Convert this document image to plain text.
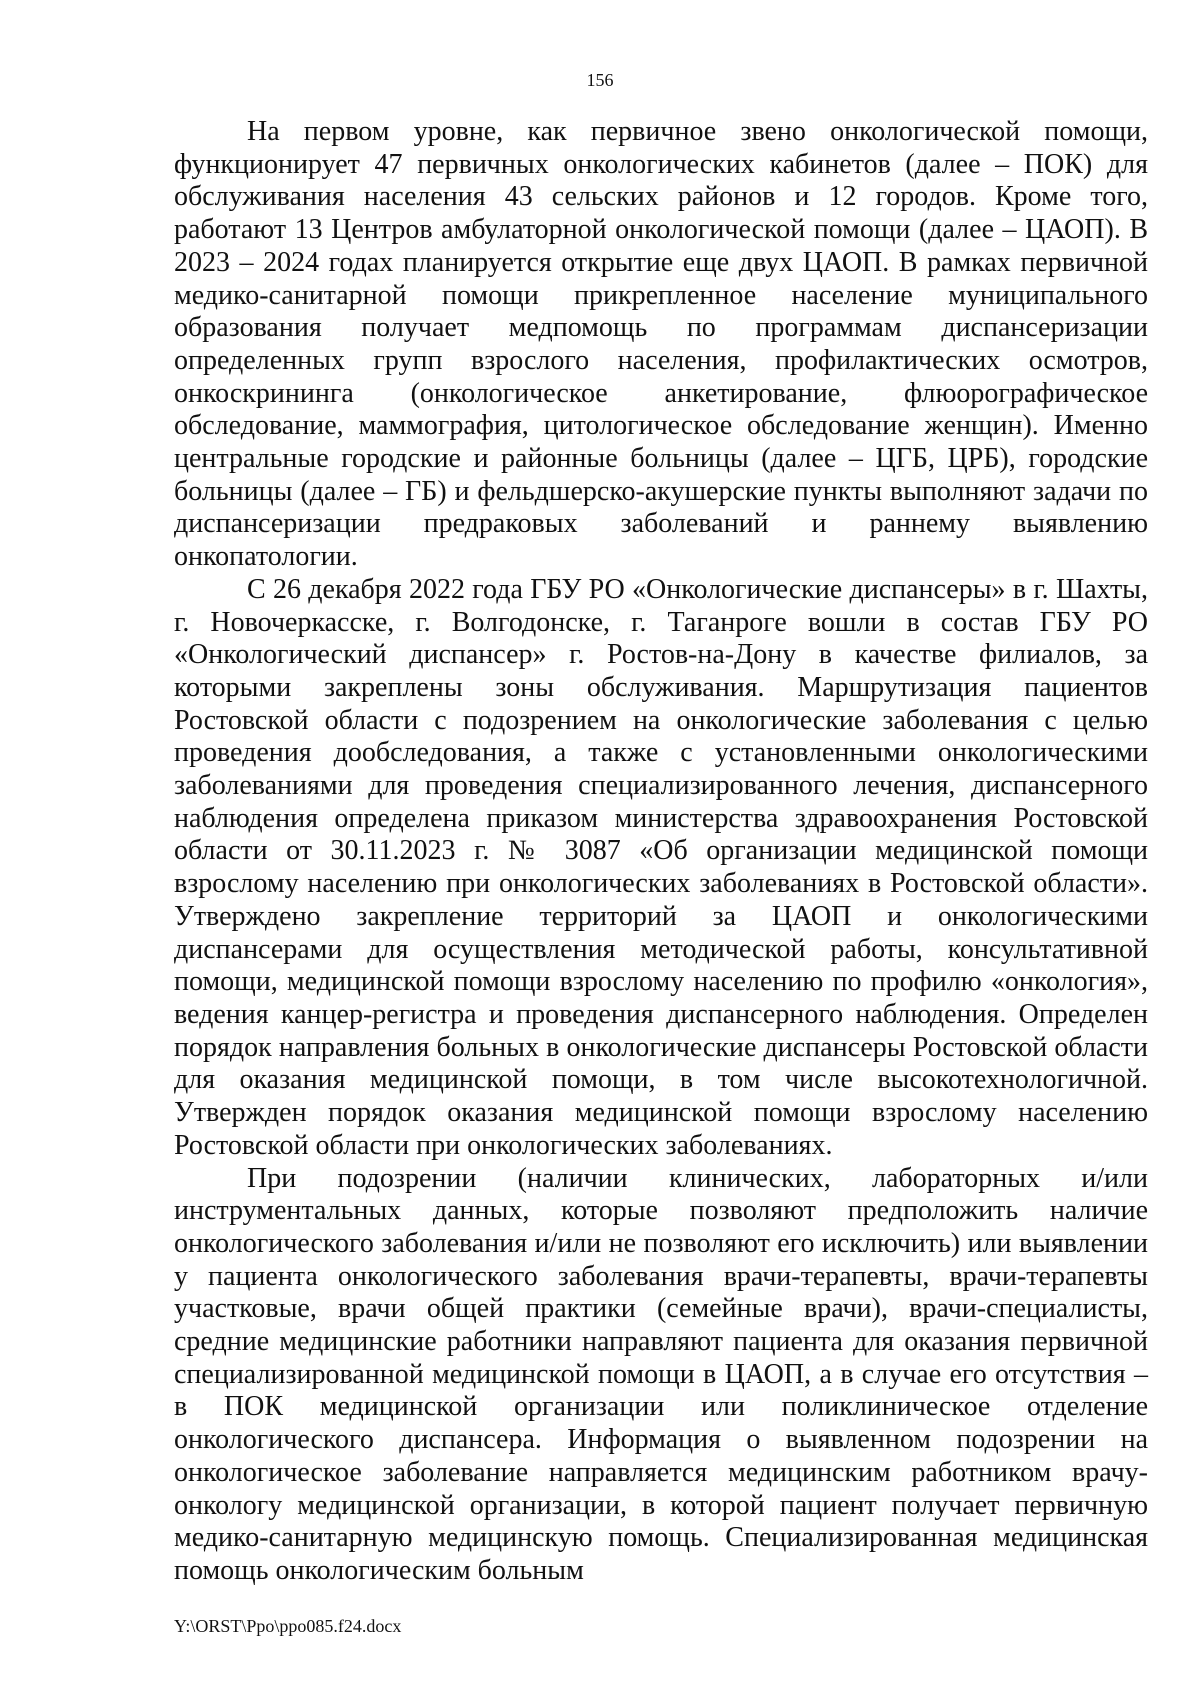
156

На первом уровне, как первичное звено онкологической помощи, функционирует 47 первичных онкологических кабинетов (далее – ПОК) для обслуживания населения 43 сельских районов и 12 городов. Кроме того, работают 13 Центров амбулаторной онкологической помощи (далее – ЦАОП). В 2023 – 2024 годах планируется открытие еще двух ЦАОП. В рамках первичной медико-санитарной помощи прикрепленное население муниципального образования получает медпомощь по программам диспансеризации определенных групп взрослого населения, профилактических осмотров, онкоскрининга (онкологическое анкетирование, флюорографическое обследование, маммография, цитологическое обследование женщин). Именно центральные городские и районные больницы (далее – ЦГБ, ЦРБ), городские больницы (далее – ГБ) и фельдшерско-акушерские пункты выполняют задачи по диспансеризации предраковых заболеваний и раннему выявлению онкопатологии.

С 26 декабря 2022 года ГБУ РО «Онкологические диспансеры» в г. Шахты, г. Новочеркасске, г. Волгодонске, г. Таганроге вошли в состав ГБУ РО «Онкологический диспансер» г. Ростов-на-Дону в качестве филиалов, за которыми закреплены зоны обслуживания. Маршрутизация пациентов Ростовской области с подозрением на онкологические заболевания с целью проведения дообследования, а также с установленными онкологическими заболеваниями для проведения специализированного лечения, диспансерного наблюдения определена приказом министерства здравоохранения Ростовской области от 30.11.2023 г. № 3087 «Об организации медицинской помощи взрослому населению при онкологических заболеваниях в Ростовской области». Утверждено закрепление территорий за ЦАОП и онкологическими диспансерами для осуществления методической работы, консультативной помощи, медицинской помощи взрослому населению по профилю «онкология», ведения канцер-регистра и проведения диспансерного наблюдения. Определен порядок направления больных в онкологические диспансеры Ростовской области для оказания медицинской помощи, в том числе высокотехнологичной. Утвержден порядок оказания медицинской помощи взрослому населению Ростовской области при онкологических заболеваниях.

При подозрении (наличии клинических, лабораторных и/или инструментальных данных, которые позволяют предположить наличие онкологического заболевания и/или не позволяют его исключить) или выявлении у пациента онкологического заболевания врачи-терапевты, врачи-терапевты участковые, врачи общей практики (семейные врачи), врачи-специалисты, средние медицинские работники направляют пациента для оказания первичной специализированной медицинской помощи в ЦАОП, а в случае его отсутствия – в ПОК медицинской организации или поликлиническое отделение онкологического диспансера. Информация о выявленном подозрении на онкологическое заболевание направляется медицинским работником врачу-онкологу медицинской организации, в которой пациент получает первичную медико-санитарную медицинскую помощь. Специализированная медицинская помощь онкологическим больным

Y:\ORST\Ppo\ppo085.f24.docx
